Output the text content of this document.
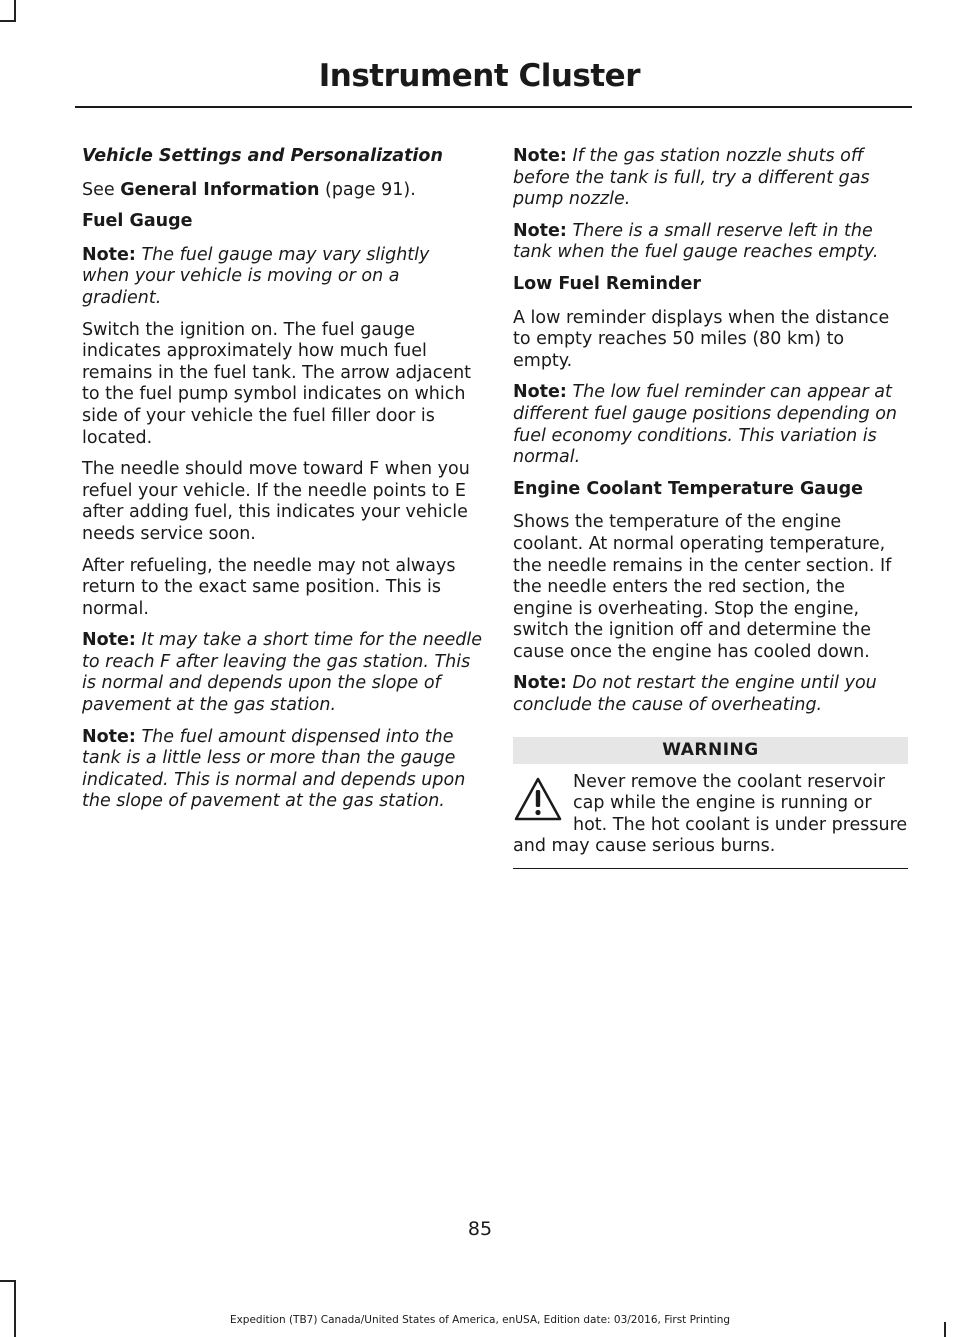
Instrument Cluster

Vehicle Settings and Personalization

See General Information (page 91).

Fuel Gauge

Note: The fuel gauge may vary slightly when your vehicle is moving or on a gradient.

Switch the ignition on. The fuel gauge indicates approximately how much fuel remains in the fuel tank. The arrow adjacent to the fuel pump symbol indicates on which side of your vehicle the fuel filler door is located.

The needle should move toward F when you refuel your vehicle. If the needle points to E after adding fuel, this indicates your vehicle needs service soon.

After refueling, the needle may not always return to the exact same position. This is normal.

Note: It may take a short time for the needle to reach F after leaving the gas station. This is normal and depends upon the slope of pavement at the gas station.

Note: The fuel amount dispensed into the tank is a little less or more than the gauge indicated. This is normal and depends upon the slope of pavement at the gas station.

Note: If the gas station nozzle shuts off before the tank is full, try a different gas pump nozzle.

Note: There is a small reserve left in the tank when the fuel gauge reaches empty.

Low Fuel Reminder

A low reminder displays when the distance to empty reaches 50 miles (80 km) to empty.

Note: The low fuel reminder can appear at different fuel gauge positions depending on fuel economy conditions. This variation is normal.

Engine Coolant Temperature Gauge

Shows the temperature of the engine coolant. At normal operating temperature, the needle remains in the center section. If the needle enters the red section, the engine is overheating. Stop the engine, switch the ignition off and determine the cause once the engine has cooled down.

Note: Do not restart the engine until you conclude the cause of overheating.

WARNING
Never remove the coolant reservoir cap while the engine is running or hot. The hot coolant is under pressure and may cause serious burns.
85
Expedition (TB7) Canada/United States of America, enUSA, Edition date: 03/2016, First Printing
